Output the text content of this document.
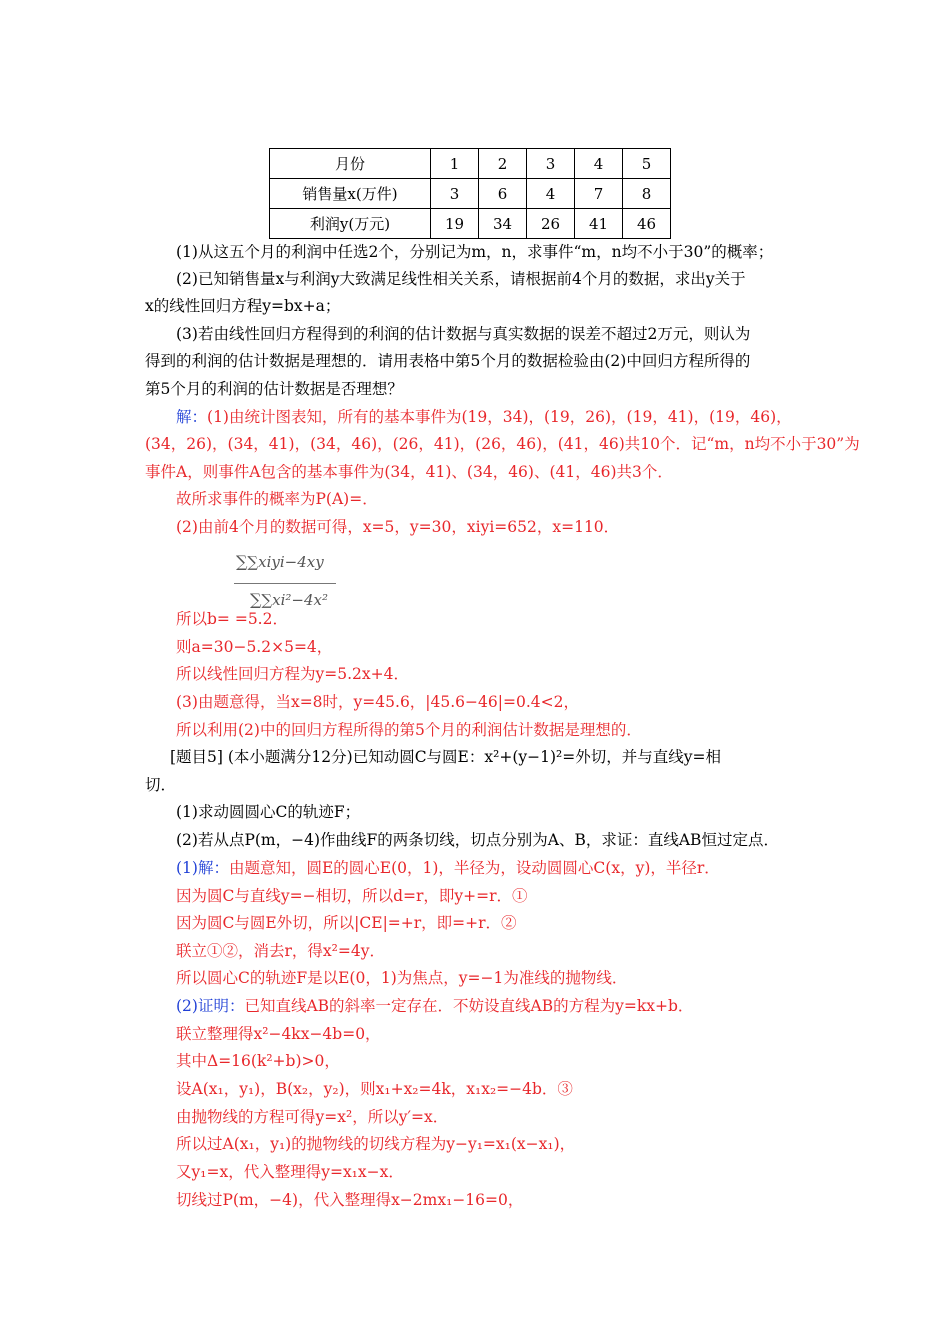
月份	1	2	3	4	5
销售量x(万件)	3	6	4	7	8
利润y(万元)	19	34	26	41	46
(1)从这五个月的利润中任选2个，分别记为m，n，求事件“m，n均不小于30”的概率；
(2)已知销售量x与利润y大致满足线性相关关系，请根据前4个月的数据，求出y关于
x的线性回归方程y=bx+a；
(3)若由线性回归方程得到的利润的估计数据与真实数据的误差不超过2万元，则认为
得到的利润的估计数据是理想的．请用表格中第5个月的数据检验由(2)中回归方程所得的
第5个月的利润的估计数据是否理想？
解：(1)由统计图表知，所有的基本事件为(19，34)，(19，26)，(19，41)，(19，46)，
(34，26)，(34，41)，(34，46)，(26，41)，(26，46)，(41，46)共10个．记“m，n均不小于30”为
事件A，则事件A包含的基本事件为(34，41)、(34，46)、(41，46)共3个．
故所求事件的概率为P(A)=．
(2)由前4个月的数据可得，x=5，y=30，xiyi=652，x=110．
∑∑xiyi−4xy
∑∑xi²−4x²
所以b= =5.2．
则a=30−5.2×5=4，
所以线性回归方程为y=5.2x+4．
(3)由题意得，当x=8时，y=45.6，|45.6−46|=0.4<2，
所以利用(2)中的回归方程所得的第5个月的利润估计数据是理想的．
[题目5] (本小题满分12分)已知动圆C与圆E：x²+(y−1)²=外切，并与直线y=相
切．
(1)求动圆圆心C的轨迹F；
(2)若从点P(m，−4)作曲线F的两条切线，切点分别为A、B，求证：直线AB恒过定点．
(1)解：由题意知，圆E的圆心E(0，1)，半径为，设动圆圆心C(x，y)，半径r．
因为圆C与直线y=−相切，所以d=r，即y+=r．①
因为圆C与圆E外切，所以|CE|=+r，即=+r．②
联立①②，消去r，得x²=4y．
所以圆心C的轨迹F是以E(0，1)为焦点，y=−1为准线的抛物线．
(2)证明：已知直线AB的斜率一定存在．不妨设直线AB的方程为y=kx+b．
联立整理得x²−4kx−4b=0，
其中Δ=16(k²+b)>0，
设A(x₁，y₁)，B(x₂，y₂)，则x₁+x₂=4k，x₁x₂=−4b．③
由抛物线的方程可得y=x²，所以y′=x．
所以过A(x₁，y₁)的抛物线的切线方程为y−y₁=x₁(x−x₁)，
又y₁=x，代入整理得y=x₁x−x．
切线过P(m，−4)，代入整理得x−2mx₁−16=0，
